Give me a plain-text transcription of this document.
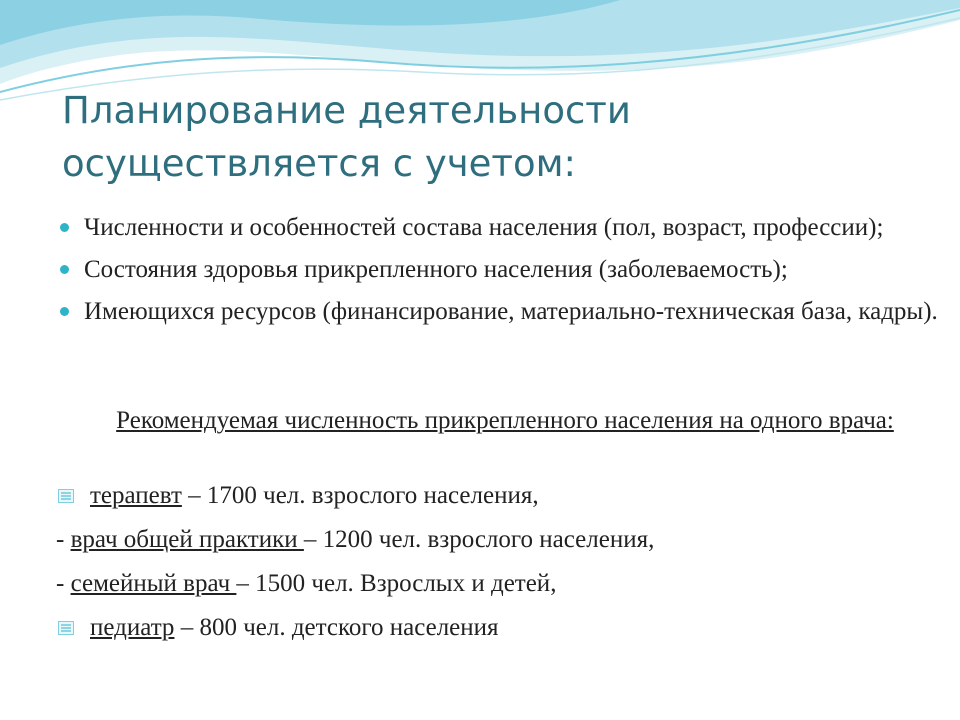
Планирование деятельности
осуществляется с учетом:
Численности и особенностей состава населения (пол, возраст, профессии);
Состояния здоровья прикрепленного населения (заболеваемость);
Имеющихся ресурсов (финансирование, материально-техническая база, кадры).
Рекомендуемая численность прикрепленного населения на одного врача:
терапевт – 1700 чел. взрослого населения,
- врач общей практики – 1200 чел. взрослого населения,
- семейный врач – 1500 чел. Взрослых и детей,
педиатр – 800 чел. детского населения
